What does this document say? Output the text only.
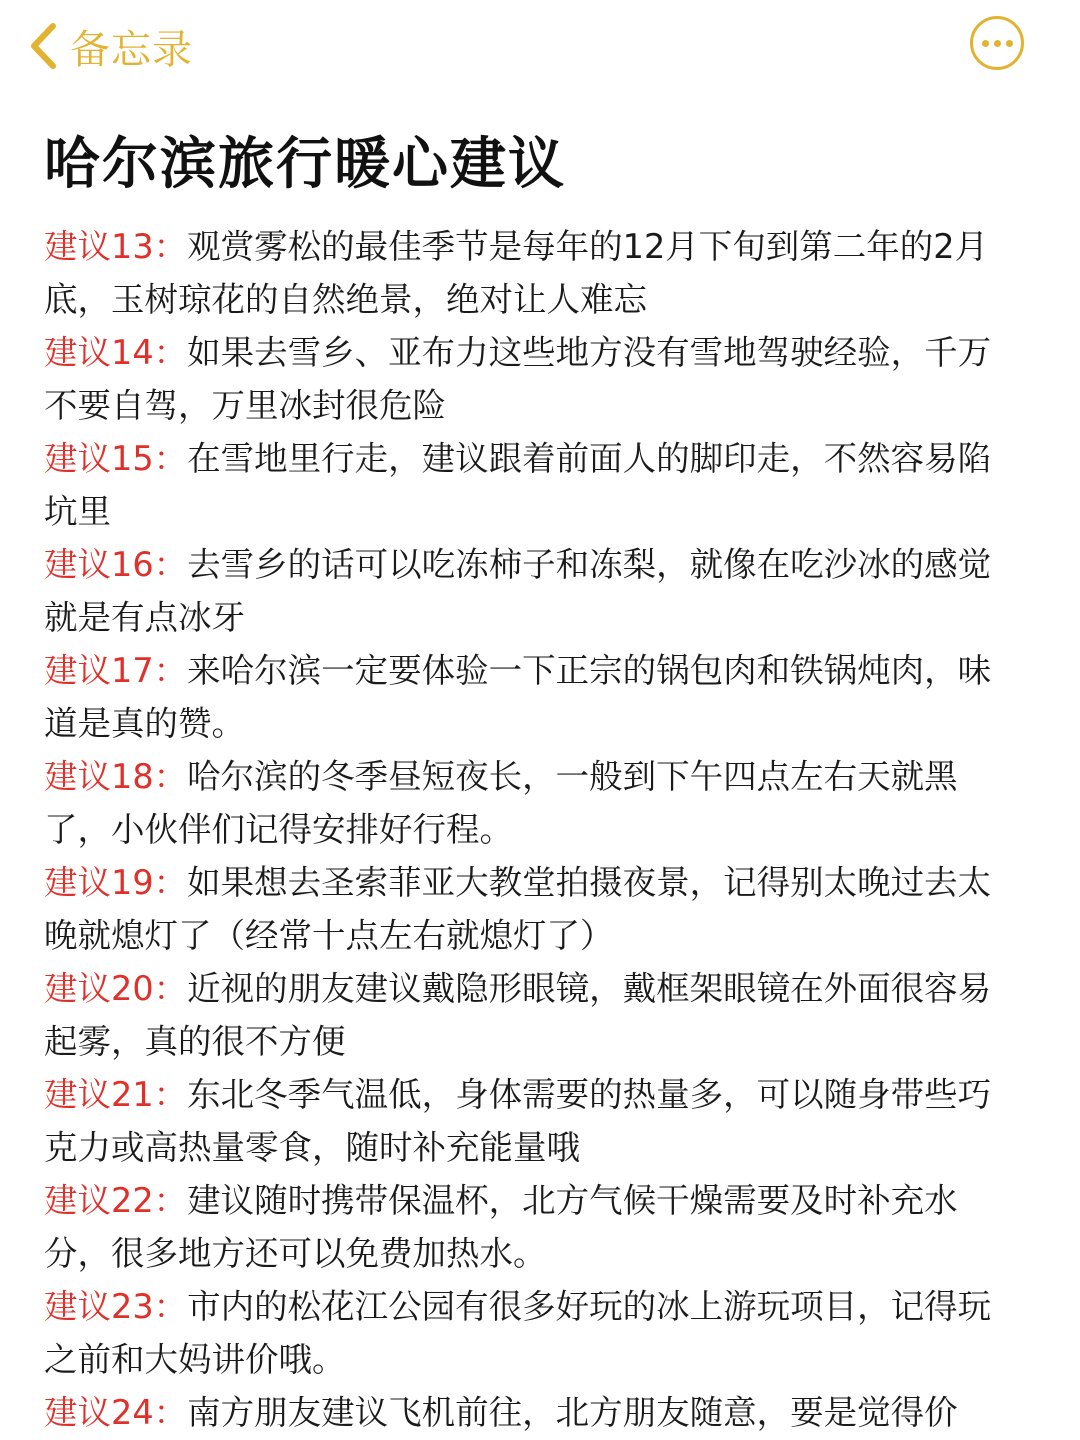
备忘录
哈尔滨旅行暖心建议

建议13：观赏雾松的最佳季节是每年的12月下旬到第二年的2月底，玉树琼花的自然绝景，绝对让人难忘

建议14：如果去雪乡、亚布力这些地方没有雪地驾驶经验，千万不要自驾，万里冰封很危险

建议15：在雪地里行走，建议跟着前面人的脚印走，不然容易陷坑里

建议16：去雪乡的话可以吃冻柿子和冻梨，就像在吃沙冰的感觉就是有点冰牙

建议17：来哈尔滨一定要体验一下正宗的锅包肉和铁锅炖肉，味道是真的赞。

建议18：哈尔滨的冬季昼短夜长，一般到下午四点左右天就黑了，小伙伴们记得安排好行程。

建议19：如果想去圣索菲亚大教堂拍摄夜景，记得别太晚过去太晚就熄灯了（经常十点左右就熄灯了）

建议20：近视的朋友建议戴隐形眼镜，戴框架眼镜在外面很容易起雾，真的很不方便

建议21：东北冬季气温低，身体需要的热量多，可以随身带些巧克力或高热量零食，随时补充能量哦

建议22：建议随时携带保温杯，北方气候干燥需要及时补充水分，很多地方还可以免费加热水。

建议23：市内的松花江公园有很多好玩的冰上游玩项目，记得玩之前和大妈讲价哦。

建议24：南方朋友建议飞机前往，北方朋友随意，要是觉得价
